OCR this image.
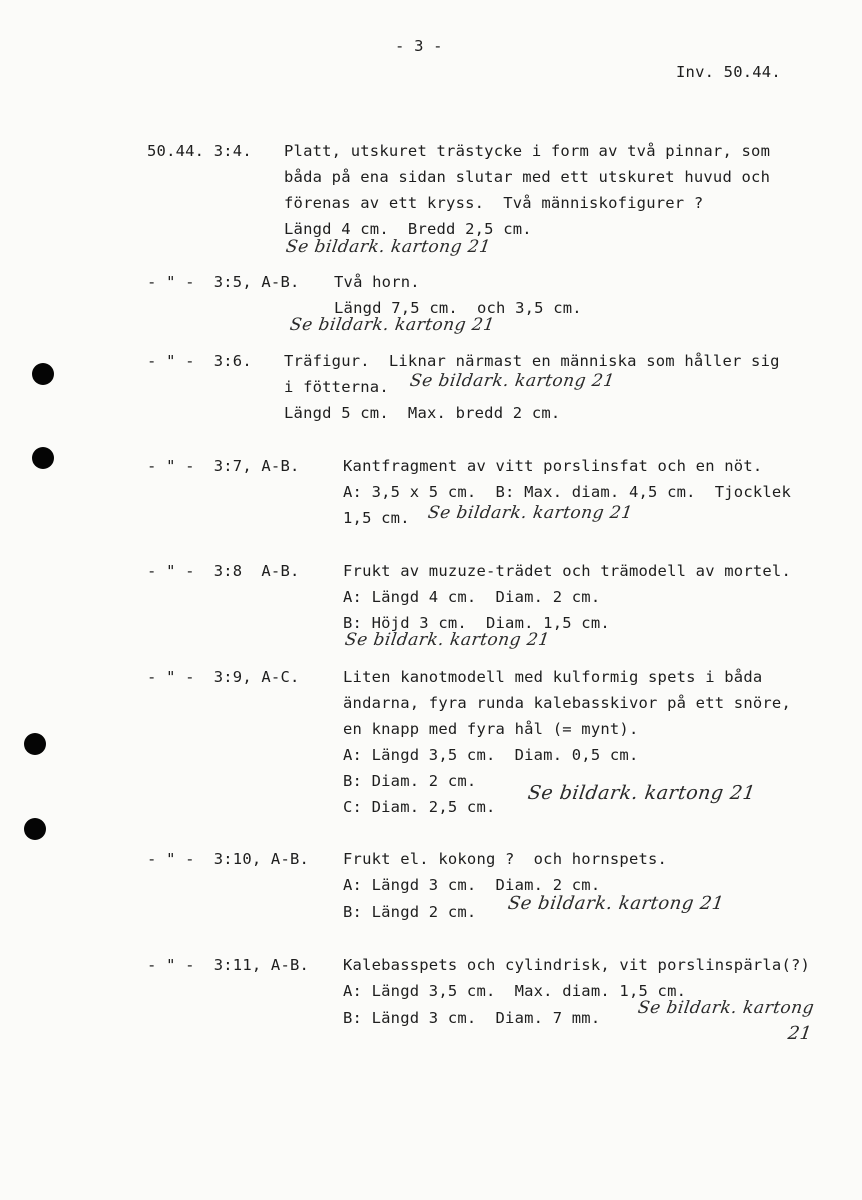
- 3 -
Inv. 50.44.
50.44. 3:4. Platt, utskuret trästycke i form av två pinnar, som
båda på ena sidan slutar med ett utskuret huvud och
förenas av ett kryss.  Två människofigurer ?
Längd 4 cm.  Bredd 2,5 cm.
Se bildark. kartong 21
- " -  3:5, A-B. Två horn.
Längd 7,5 cm.  och 3,5 cm.
Se bildark. kartong 21
- " -  3:6. Träfigur.  Liknar närmast en människa som håller sig
i fötterna. Se bildark. kartong 21
Längd 5 cm.  Max. bredd 2 cm.
- " -  3:7, A-B.	Kantfragment av vitt porslinsfat och en nöt.
A: 3,5 x 5 cm.  B: Max. diam. 4,5 cm.  Tjocklek
1,5 cm. Se bildark. kartong 21
- " -  3:8  A-B.	Frukt av muzuze-trädet och trämodell av mortel.
A: Längd 4 cm.  Diam. 2 cm.
B: Höjd 3 cm.  Diam. 1,5 cm.
Se bildark. kartong 21
- " -  3:9, A-C.	Liten kanotmodell med kulformig spets i båda
ändarna, fyra runda kalebasskivor på ett snöre,
en knapp med fyra hål (= mynt).
A: Längd 3,5 cm.  Diam. 0,5 cm.
B: Diam. 2 cm.
C: Diam. 2,5 cm.
Se bildark. kartong 21
- " -  3:10, A-B. Frukt el. kokong ?  och hornspets.
A: Längd 3 cm.  Diam. 2 cm.
B: Längd 2 cm. Se bildark. kartong 21
- " -  3:11, A-B. Kalebasspets och cylindrisk, vit porslinspärla(?)
A: Längd 3,5 cm.  Max. diam. 1,5 cm.
B: Längd 3 cm.  Diam. 7 mm. Se bildark. kartong
21
